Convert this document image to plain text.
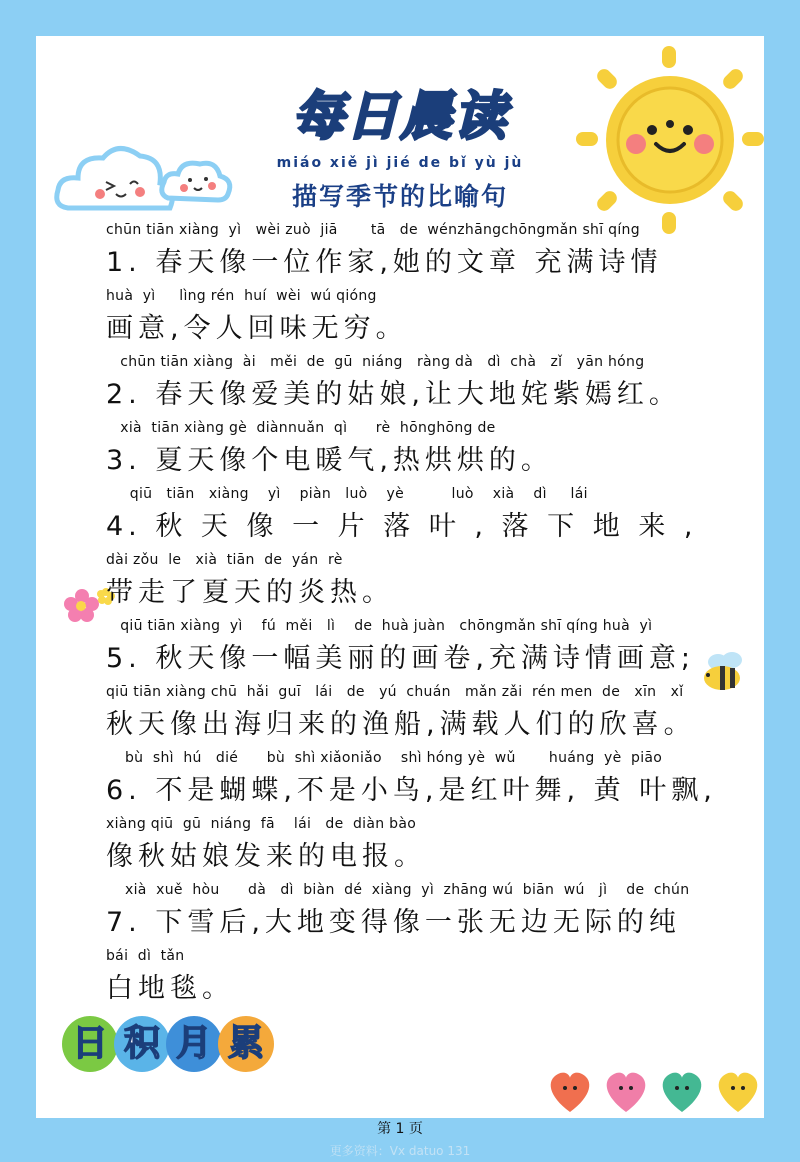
每日晨读
miáo xiě jì jié de bǐ yù jù
描写季节的比喻句
chūn tiān xiàng  yì   wèi zuò  jiā       tā   de  wénzhāngchōngmǎn shī qíng
1. 春天像一位作家,她的文章 充满诗情
huà  yì     lìng rén  huí  wèi  wú qióng
画意,令人回味无穷。
chūn tiān xiàng  ài   měi  de  gū  niáng   ràng dà   dì  chà   zǐ   yān hóng
2. 春天像爱美的姑娘,让大地姹紫嫣红。
xià  tiān xiàng gè  diànnuǎn  qì      rè  hōnghōng de
3. 夏天像个电暖气,热烘烘的。
qiū   tiān   xiàng    yì    piàn   luò    yè          luò    xià    dì     lái
4. 秋 天 像 一 片 落 叶 , 落 下 地 来 ,
dài zǒu  le   xià  tiān  de  yán  rè
带走了夏天的炎热。
qiū tiān xiàng  yì    fú  měi   lì    de  huà juàn   chōngmǎn shī qíng huà  yì
5. 秋天像一幅美丽的画卷,充满诗情画意;
qiū tiān xiàng chū  hǎi  guī   lái   de   yú  chuán   mǎn zǎi  rén men  de   xīn   xǐ
秋天像出海归来的渔船,满载人们的欣喜。
bù  shì  hú   dié      bù  shì xiǎoniǎo    shì hóng yè  wǔ       huáng  yè  piāo
6. 不是蝴蝶,不是小鸟,是红叶舞, 黄 叶飘,
xiàng qiū  gū  niáng  fā    lái   de  diàn bào
像秋姑娘发来的电报。
xià  xuě  hòu      dà   dì  biàn  dé  xiàng  yì  zhāng wú  biān  wú   jì    de  chún
7. 下雪后,大地变得像一张无边无际的纯
bái  dì  tǎn
白地毯。
日 积 月 累
第 1 页
更多资料：Vx datuo 131
